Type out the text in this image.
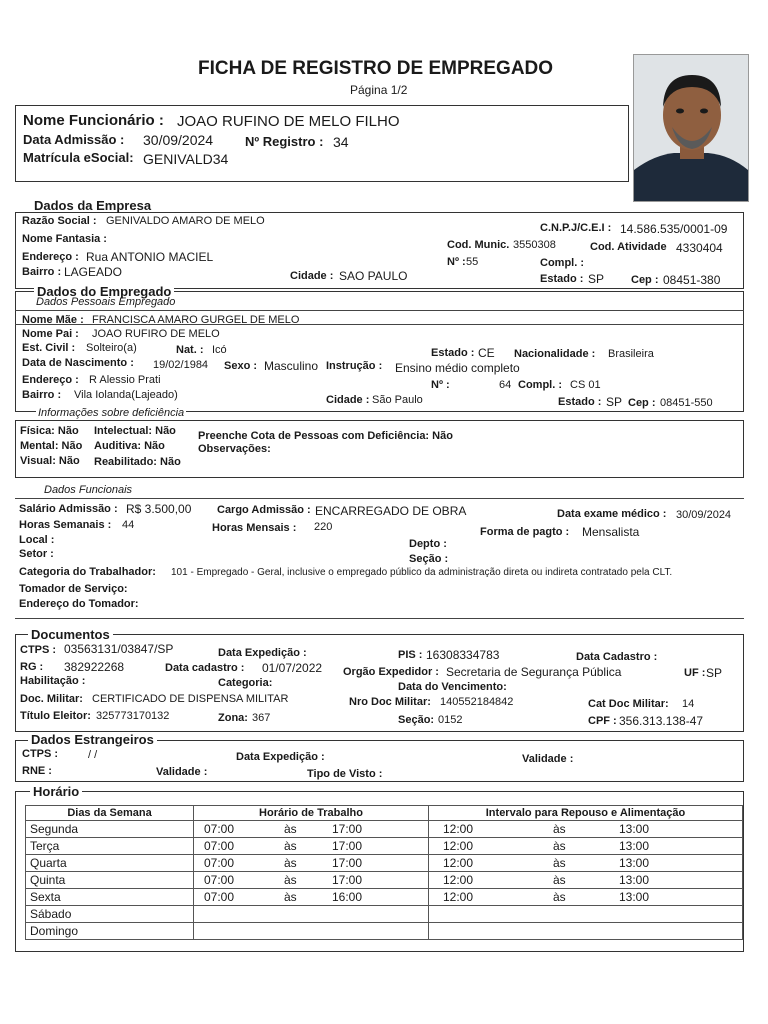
FICHA DE REGISTRO DE EMPREGADO
Página 1/2
Nome Funcionário : JOAO RUFINO DE MELO FILHO
Data Admissão : 30/09/2024 Nº Registro : 34
Matrícula eSocial: GENIVALD34
Dados da Empresa
Razão Social : GENIVALDO AMARO DE MELO
C.N.P.J/C.E.I : 14.586.535/0001-09
Nome Fantasia :	Cod. Munic. 3550308	Cod. Atividade 4330404
Endereço : Rua ANTONIO MACIEL	Nº : 55	Compl. :
Bairro : LAGEADO	Cidade : SAO PAULO	Estado : SP Cep : 08451-380
Dados do Empregado
Dados Pessoais Empregado
Nome Mãe : FRANCISCA AMARO GURGEL DE MELO
Nome Pai : JOAO RUFIRO DE MELO
Est. Civil : Solteiro(a)	Nat. : Icó	Estado : CE Nacionalidade : Brasileira
Data de Nascimento : 19/02/1984 Sexo : Masculino Instrução : Ensino médio completo
Endereço : R Alessio Prati	Nº :	64 Compl. : CS 01
Bairro : Vila Iolanda(Lajeado)	Cidade : São Paulo	Estado : SP Cep : 08451-550
Informações sobre deficiência
Física: Não Intelectual: Não Preenche Cota de Pessoas com Deficiência: Não
Mental: Não Auditiva: Não	Observações:
Visual: Não Reabilitado: Não
Dados Funcionais
Salário Admissão : R$ 3.500,00 Cargo Admissão : ENCARREGADO DE OBRA	Data exame médico : 30/09/2024
Horas Semanais : 44	Horas Mensais : 220	Forma de pagto : Mensalista
Local :	Depto :
Setor :	Seção :
Categoria do Trabalhador: 101 - Empregado - Geral, inclusive o empregado público da administração direta ou indireta contratado pela CLT.
Tomador de Serviço:
Endereço do Tomador:
Documentos
CTPS : 03563131/03847/SP	Data Expedição :	PIS : 16308334783	Data Cadastro :
RG : 382922268	Data cadastro : 01/07/2022 Orgão Expedidor : Secretaria de Segurança Pública	UF : SP
Habilitação :	Categoria:	Data do Vencimento:
Doc. Militar: CERTIFICADO DE DISPENSA MILITAR	Nro Doc Militar: 140552184842	Cat Doc Militar: 14
Título Eleitor: 325773170132	Zona: 367	Seção: 0152	CPF : 356.313.138-47
Dados Estrangeiros
CTPS :	/ /	Data Expedição :	Validade :
RNE :	Validade :	Tipo de Visto :
Horário
Dias da Semana	Horário de Trabalho	Intervalo para Repouso e Alimentação
Segunda	07:00 às 17:00	12:00 às 13:00
Terça	07:00 às 17:00	12:00 às 13:00
Quarta	07:00 às 17:00	12:00 às 13:00
Quinta	07:00 às 17:00	12:00 às 13:00
Sexta	07:00 às 16:00	12:00 às 13:00
Sábado		
Domingo		
